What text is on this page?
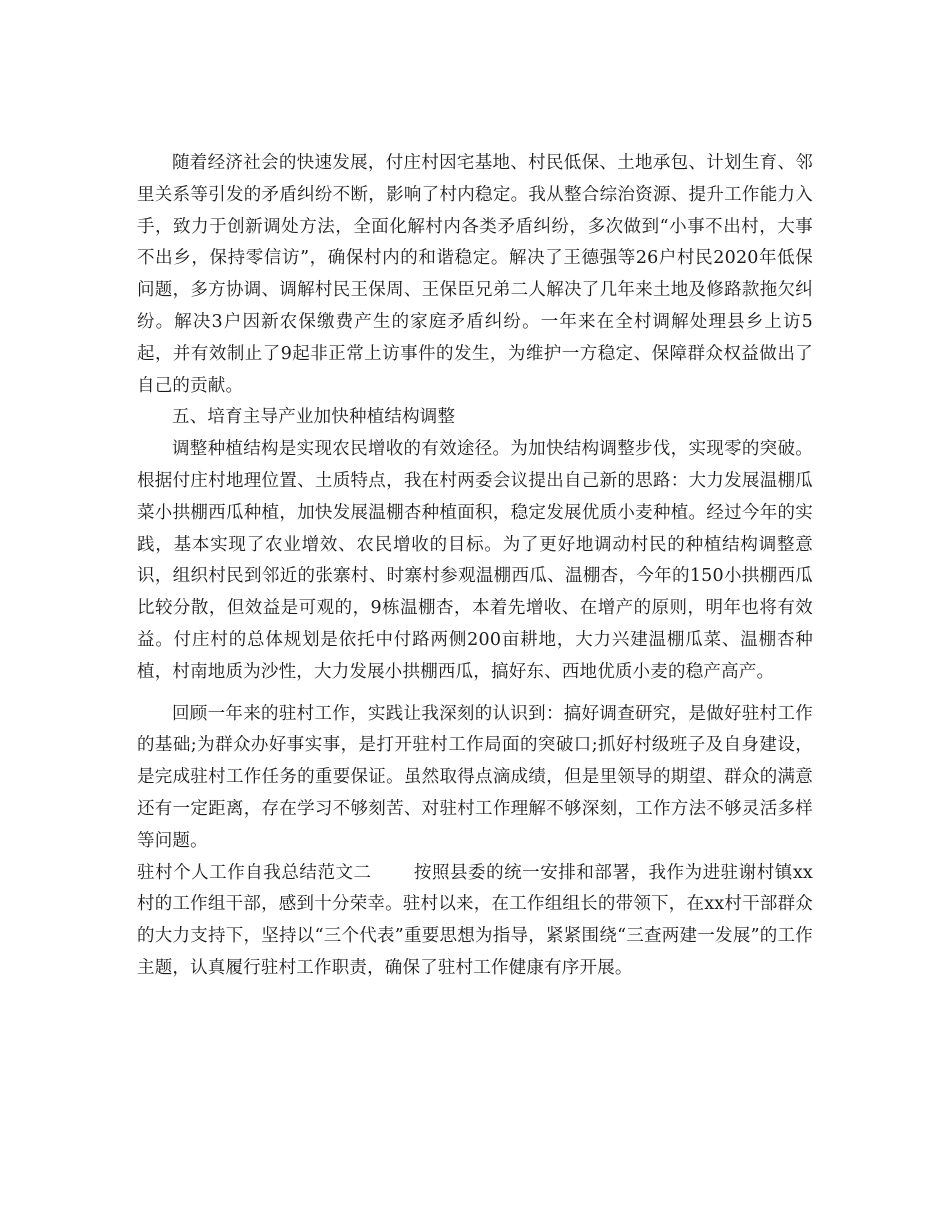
随着经济社会的快速发展，付庄村因宅基地、村民低保、土地承包、计划生育、邻里关系等引发的矛盾纠纷不断，影响了村内稳定。我从整合综治资源、提升工作能力入手，致力于创新调处方法，全面化解村内各类矛盾纠纷，多次做到“小事不出村，大事不出乡，保持零信访”，确保村内的和谐稳定。解决了王德强等26户村民2020年低保问题，多方协调、调解村民王保周、王保臣兄弟二人解决了几年来土地及修路款拖欠纠纷。解决3户因新农保缴费产生的家庭矛盾纠纷。一年来在全村调解处理县乡上访5起，并有效制止了9起非正常上访事件的发生，为维护一方稳定、保障群众权益做出了自己的贡献。

五、培育主导产业加快种植结构调整

调整种植结构是实现农民增收的有效途径。为加快结构调整步伐，实现零的突破。根据付庄村地理位置、土质特点，我在村两委会议提出自己新的思路：大力发展温棚瓜菜小拱棚西瓜种植，加快发展温棚杏种植面积，稳定发展优质小麦种植。经过今年的实践，基本实现了农业增效、农民增收的目标。为了更好地调动村民的种植结构调整意识，组织村民到邻近的张寨村、时寨村参观温棚西瓜、温棚杏，今年的150小拱棚西瓜比较分散，但效益是可观的，9栋温棚杏，本着先增收、在增产的原则，明年也将有效益。付庄村的总体规划是依托中付路两侧200亩耕地，大力兴建温棚瓜菜、温棚杏种植，村南地质为沙性，大力发展小拱棚西瓜，搞好东、西地优质小麦的稳产高产。

回顾一年来的驻村工作，实践让我深刻的认识到：搞好调查研究，是做好驻村工作的基础;为群众办好事实事，是打开驻村工作局面的突破口;抓好村级班子及自身建设，是完成驻村工作任务的重要保证。虽然取得点滴成绩，但是里领导的期望、群众的满意还有一定距离，存在学习不够刻苦、对驻村工作理解不够深刻，工作方法不够灵活多样等问题。

驻村个人工作自我总结范文二 按照县委的统一安排和部署，我作为进驻谢村镇xx村的工作组干部，感到十分荣幸。驻村以来，在工作组组长的带领下，在xx村干部群众的大力支持下，坚持以“三个代表”重要思想为指导，紧紧围绕“三查两建一发展”的工作主题，认真履行驻村工作职责，确保了驻村工作健康有序开展。
